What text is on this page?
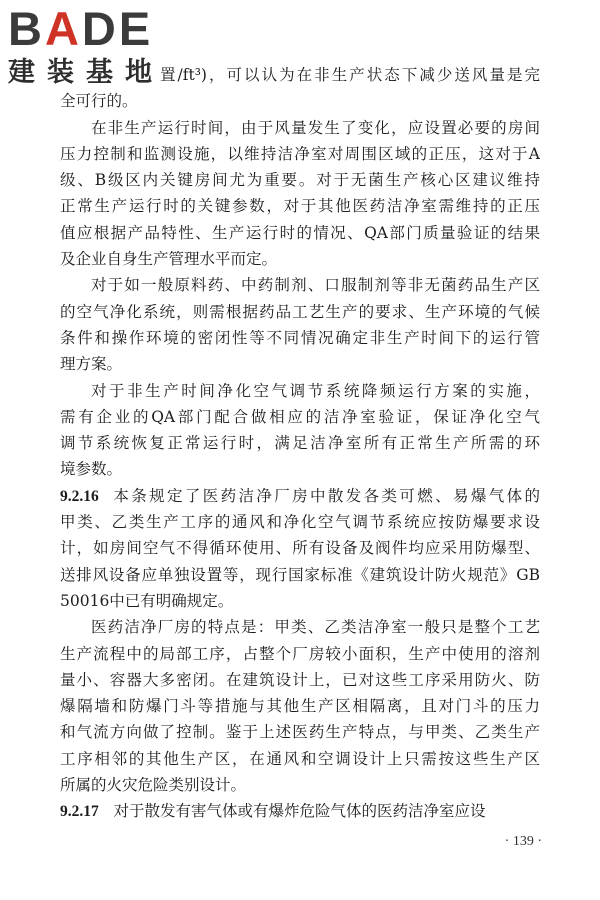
BADE
建装基地
置/ft³)，可以认为在非生产状态下减少送风量是完
全可行的。
在非生产运行时间，由于风量发生了变化，应设置必要的房间
压力控制和监测设施，以维持洁净室对周围区域的正压，这对于A
级、B级区内关键房间尤为重要。对于无菌生产核心区建议维持
正常生产运行时的关键参数，对于其他医药洁净室需维持的正压
值应根据产品特性、生产运行时的情况、QA部门质量验证的结果
及企业自身生产管理水平而定。
对于如一般原料药、中药制剂、口服制剂等非无菌药品生产区
的空气净化系统，则需根据药品工艺生产的要求、生产环境的气候
条件和操作环境的密闭性等不同情况确定非生产时间下的运行管
理方案。
对于非生产时间净化空气调节系统降频运行方案的实施，
需有企业的QA部门配合做相应的洁净室验证，保证净化空气
调节系统恢复正常运行时，满足洁净室所有正常生产所需的环
境参数。
9.2.16 本条规定了医药洁净厂房中散发各类可燃、易爆气体的
甲类、乙类生产工序的通风和净化空气调节系统应按防爆要求设
计，如房间空气不得循环使用、所有设备及阀件均应采用防爆型、
送排风设备应单独设置等，现行国家标准《建筑设计防火规范》GB
50016中已有明确规定。
医药洁净厂房的特点是：甲类、乙类洁净室一般只是整个工艺
生产流程中的局部工序，占整个厂房较小面积，生产中使用的溶剂
量小、容器大多密闭。在建筑设计上，已对这些工序采用防火、防
爆隔墙和防爆门斗等措施与其他生产区相隔离，且对门斗的压力
和气流方向做了控制。鉴于上述医药生产特点，与甲类、乙类生产
工序相邻的其他生产区，在通风和空调设计上只需按这些生产区
所属的火灾危险类别设计。
9.2.17 对于散发有害气体或有爆炸危险气体的医药洁净室应设
· 139 ·
